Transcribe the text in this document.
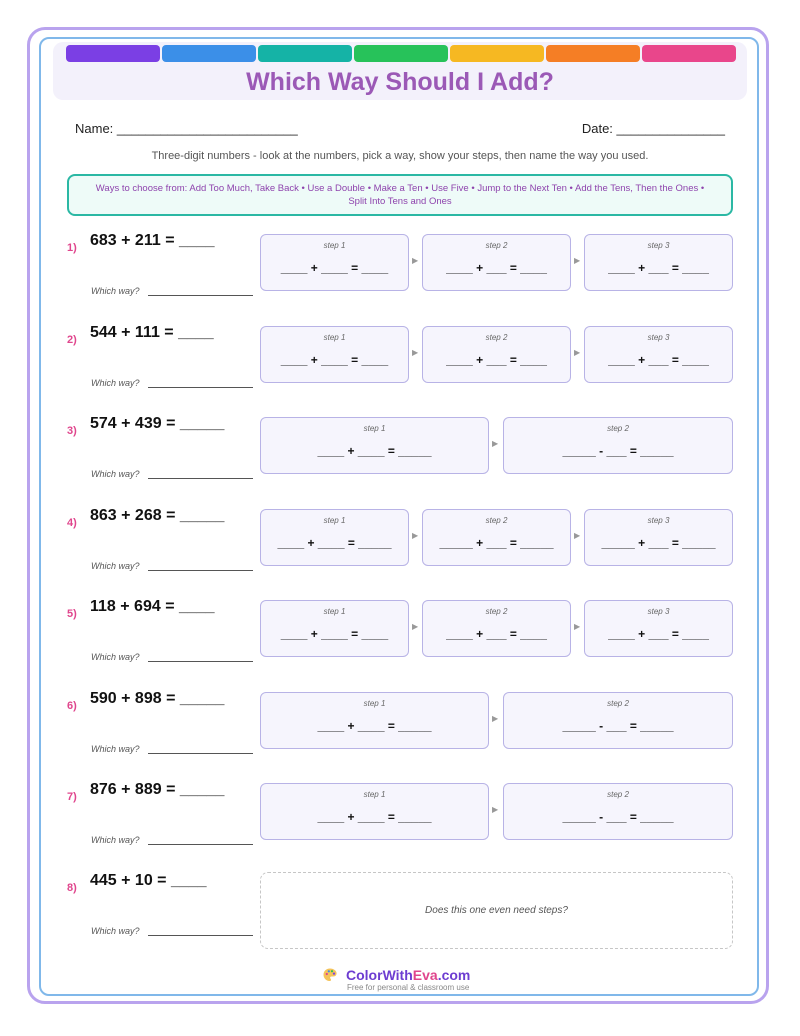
Which Way Should I Add?
Name: _________________________	Date: _______________
Three-digit numbers - look at the numbers, pick a way, show your steps, then name the way you used.
Ways to choose from: Add Too Much, Take Back • Use a Double • Make a Ten • Use Five • Jump to the Next Ten • Add the Tens, Then the Ones • Split Into Tens and Ones
1) 683 + 211 = ____
Which way?
step 1
____ + ____ = ____
▶
step 2
____ + ___ = ____
▶
step 3
____ + ___ = ____
2) 544 + 111 = ____
Which way?
step 1
____ + ____ = ____
▶
step 2
____ + ___ = ____
▶
step 3
____ + ___ = ____
3) 574 + 439 = _____
Which way?
step 1
____ + ____ = _____
▶
step 2
_____ - ___ = _____
4) 863 + 268 = _____
Which way?
step 1
____ + ____ = _____
▶
step 2
_____ + ___ = _____
▶
step 3
_____ + ___ = _____
5) 118 + 694 = ____
Which way?
step 1
____ + ____ = ____
▶
step 2
____ + ___ = ____
▶
step 3
____ + ___ = ____
6) 590 + 898 = _____
Which way?
step 1
____ + ____ = _____
▶
step 2
_____ - ___ = _____
7) 876 + 889 = _____
Which way?
step 1
____ + ____ = _____
▶
step 2
_____ - ___ = _____
8) 445 + 10 = ____
Which way?
Does this one even need steps?
ColorWithEva.com
Free for personal & classroom use
